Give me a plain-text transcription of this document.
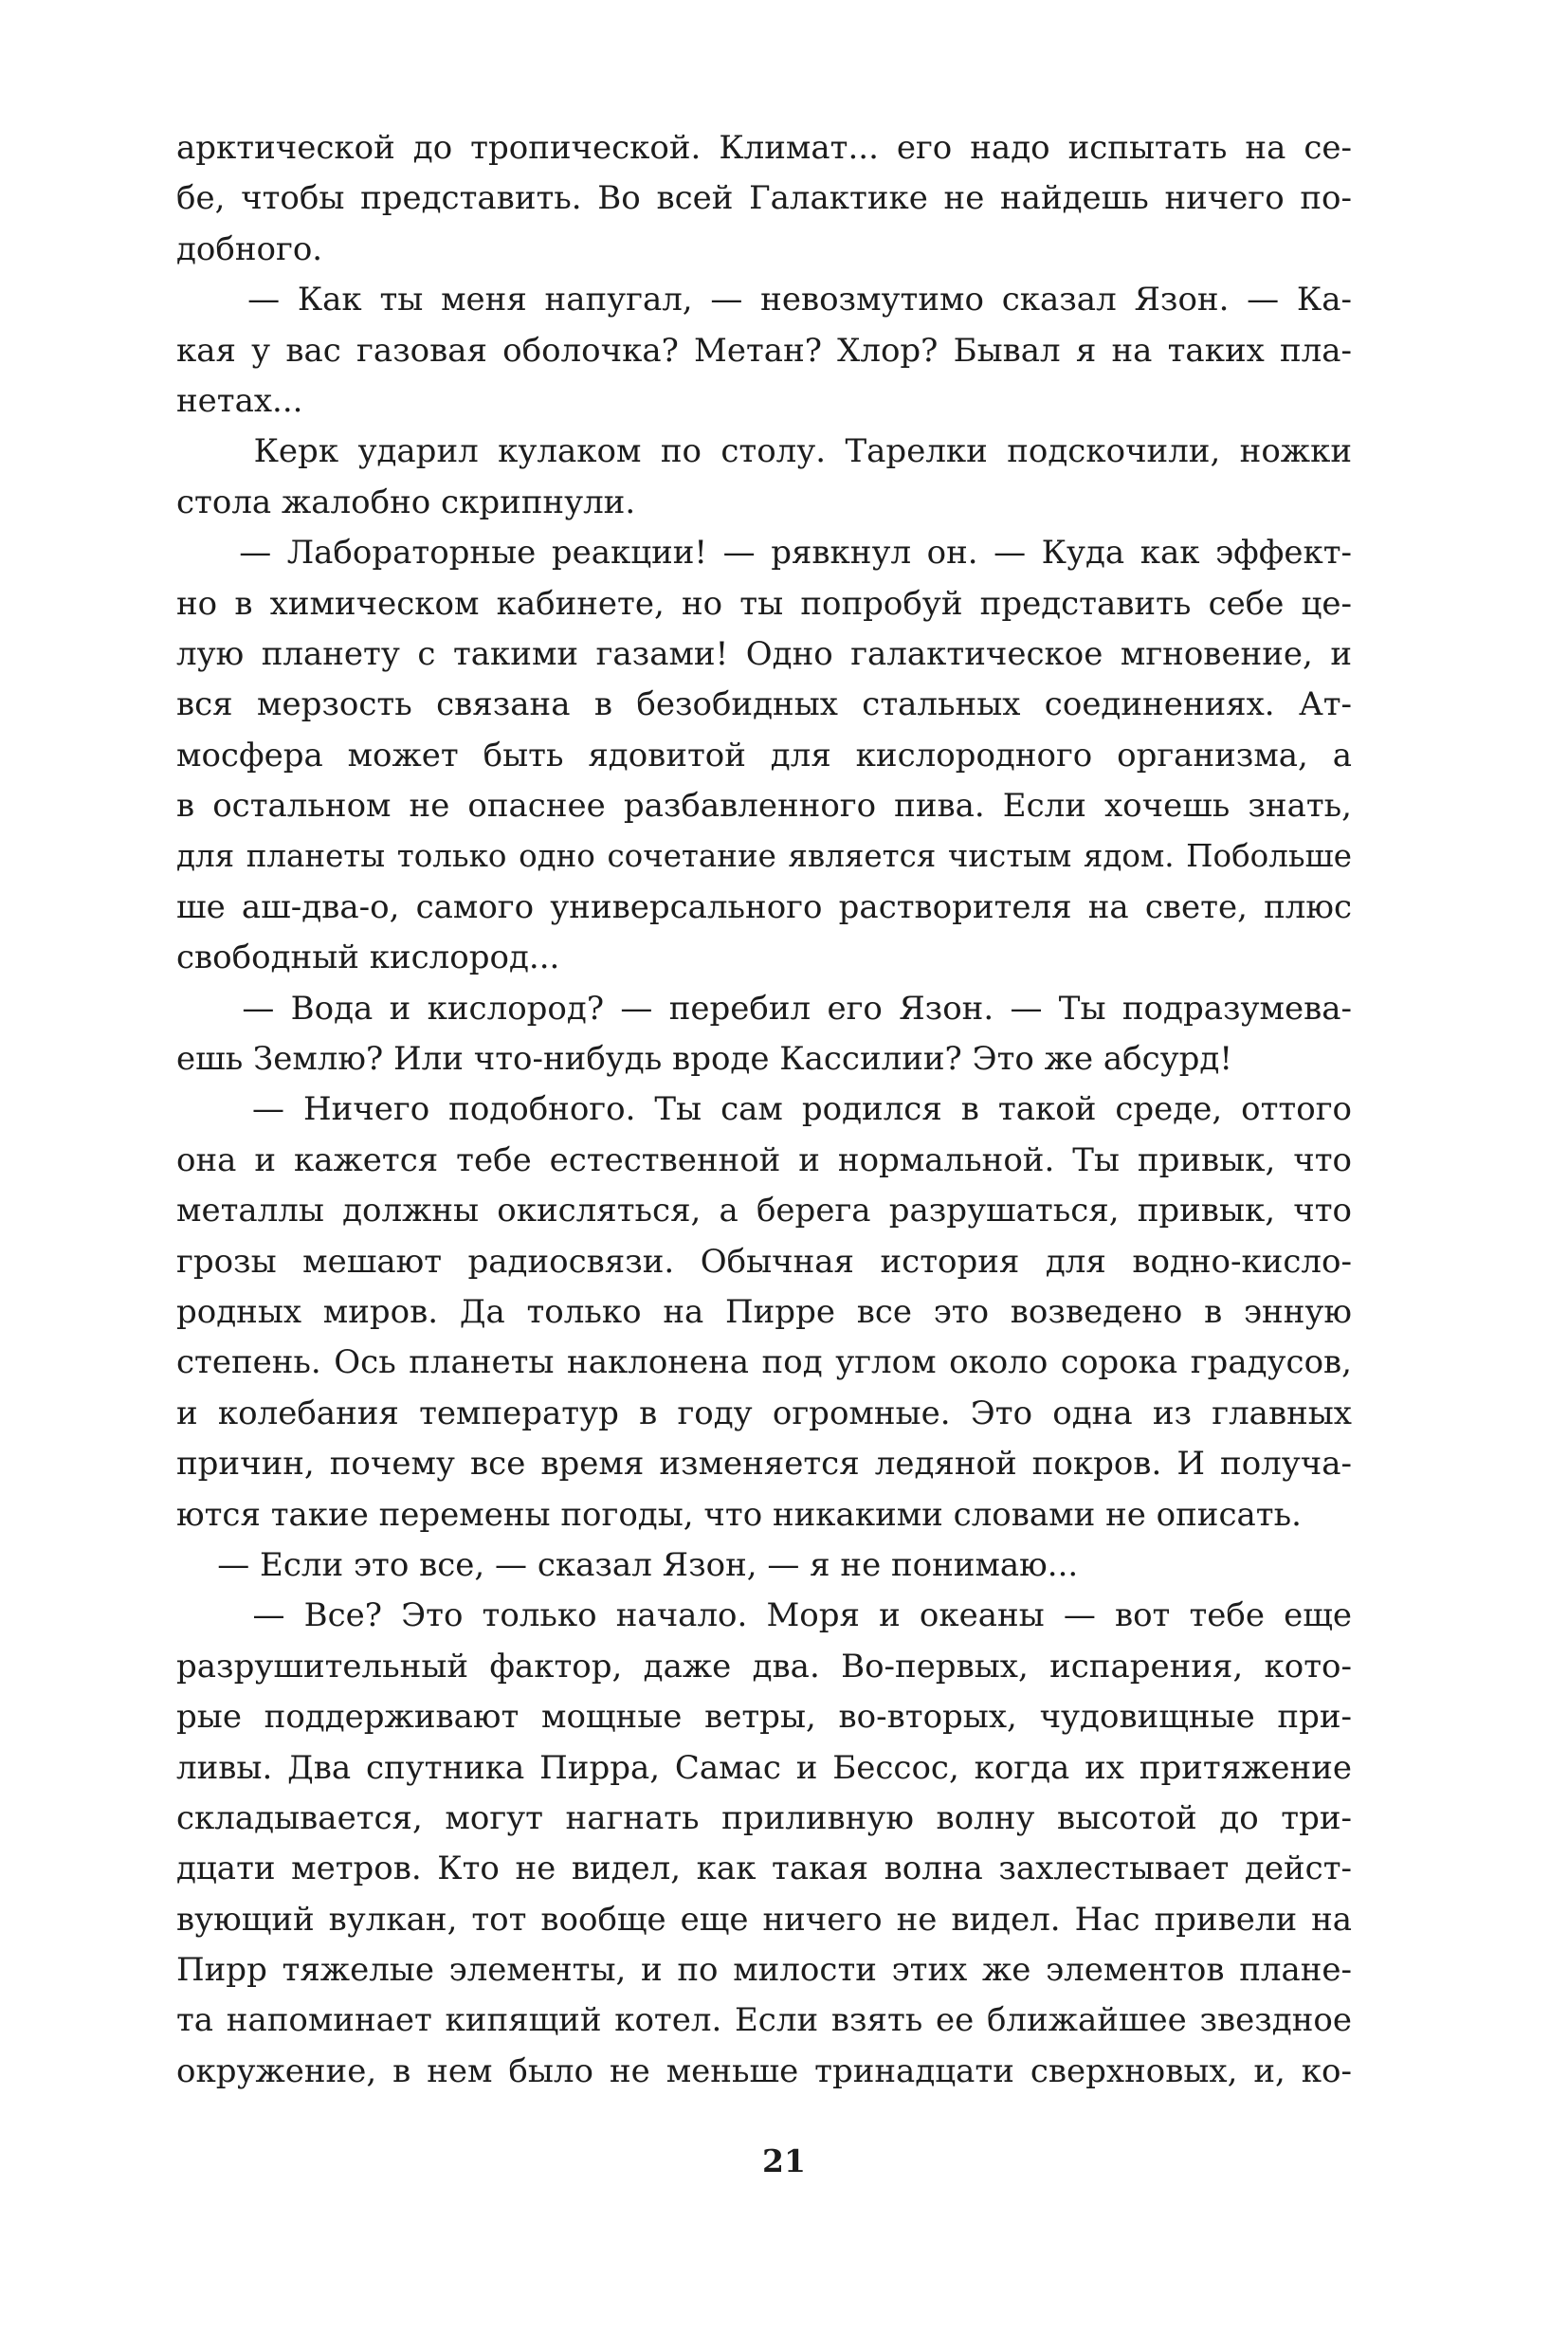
арктической до тропической. Климат... его надо испытать на се-
бе, чтобы представить. Во всей Галактике не найдешь ничего по-
добного.
— Как ты меня напугал, — невозмутимо сказал Язон. — Ка-
кая у вас газовая оболочка? Метан? Хлор? Бывал я на таких пла-
нетах...
Керк ударил кулаком по столу. Тарелки подскочили, ножки
стола жалобно скрипнули.
— Лабораторные реакции! — рявкнул он. — Куда как эффект-
но в химическом кабинете, но ты попробуй представить себе це-
лую планету с такими газами! Одно галактическое мгновение, и
вся мерзость связана в безобидных стальных соединениях. Ат-
мосфера может быть ядовитой для кислородного организма, а
в остальном не опаснее разбавленного пива. Если хочешь знать,
для планеты только одно сочетание является чистым ядом. Побольше
ше аш-два-о, самого универсального растворителя на свете, плюс
свободный кислород...
— Вода и кислород? — перебил его Язон. — Ты подразумева-
ешь Землю? Или что-нибудь вроде Кассилии? Это же абсурд!
— Ничего подобного. Ты сам родился в такой среде, оттого
она и кажется тебе естественной и нормальной. Ты привык, что
металлы должны окисляться, а берега разрушаться, привык, что
грозы мешают радиосвязи. Обычная история для водно-кисло-
родных миров. Да только на Пирре все это возведено в энную
степень. Ось планеты наклонена под углом около сорока градусов,
и колебания температур в году огромные. Это одна из главных
причин, почему все время изменяется ледяной покров. И получа-
ются такие перемены погоды, что никакими словами не описать.
— Если это все, — сказал Язон, — я не понимаю...
— Все? Это только начало. Моря и океаны — вот тебе еще
разрушительный фактор, даже два. Во-первых, испарения, кото-
рые поддерживают мощные ветры, во-вторых, чудовищные при-
ливы. Два спутника Пирра, Самас и Бессос, когда их притяжение
складывается, могут нагнать приливную волну высотой до три-
дцати метров. Кто не видел, как такая волна захлестывает дейст-
вующий вулкан, тот вообще еще ничего не видел. Нас привели на
Пирр тяжелые элементы, и по милости этих же элементов плане-
та напоминает кипящий котел. Если взять ее ближайшее звездное
окружение, в нем было не меньше тринадцати сверхновых, и, ко-
21
